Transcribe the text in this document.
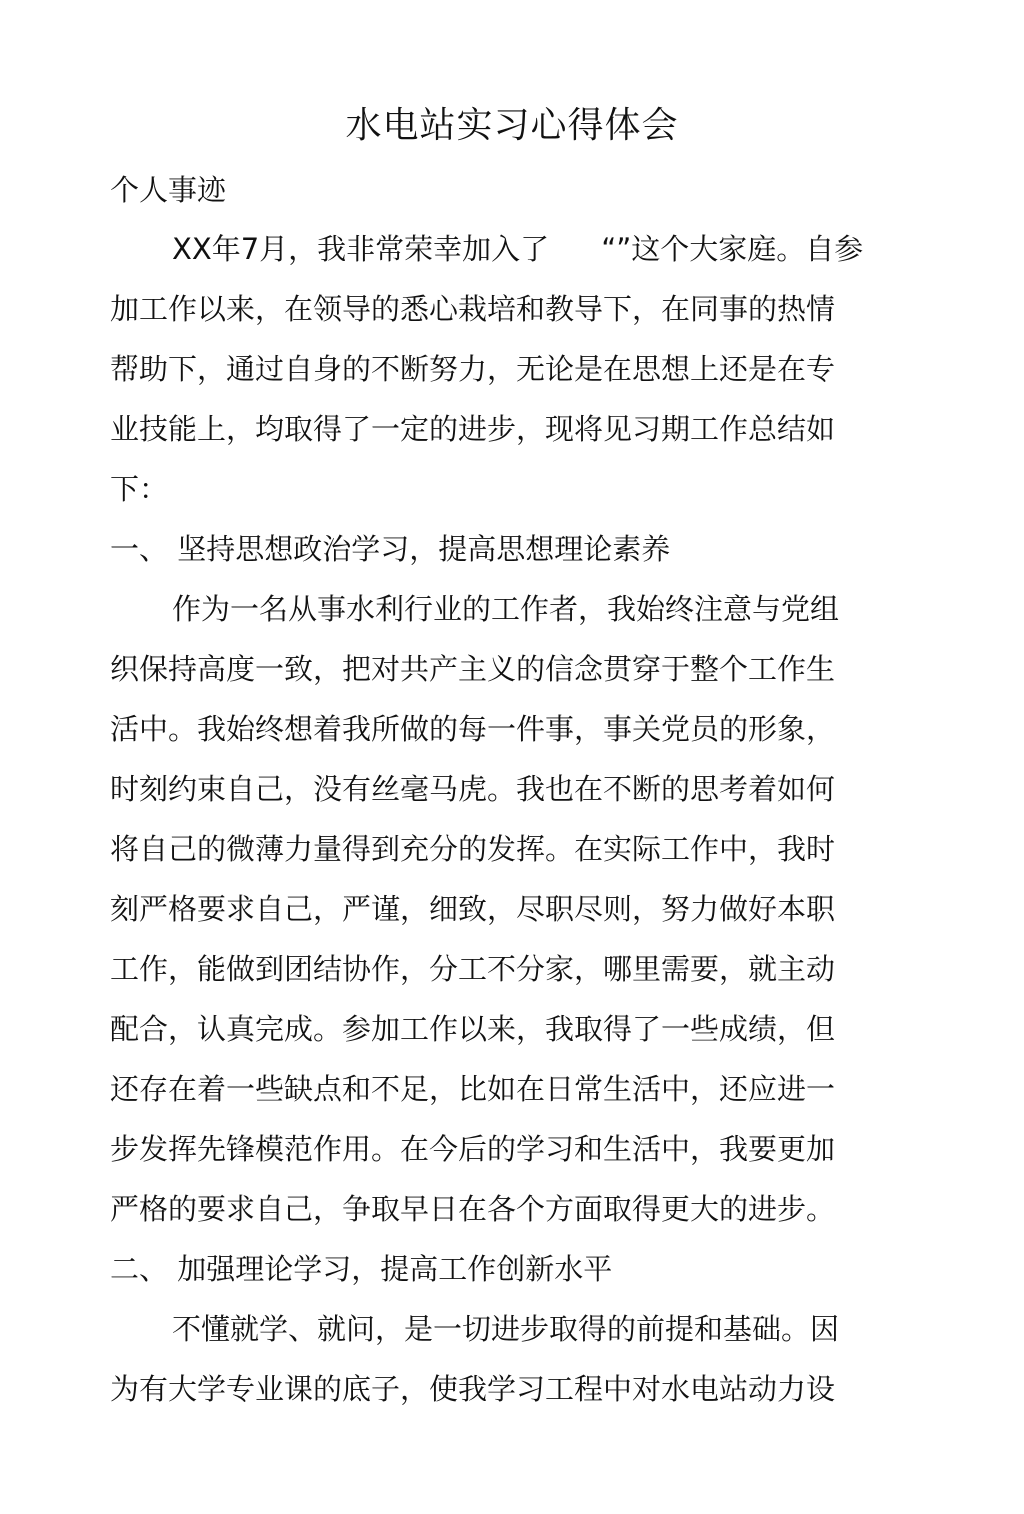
水电站实习心得体会

个人事迹

XX年7月，我非常荣幸加入了 “”这个大家庭。自参

加工作以来，在领导的悉心栽培和教导下，在同事的热情

帮助下，通过自身的不断努力，无论是在思想上还是在专

业技能上，均取得了一定的进步，现将见习期工作总结如

下：

一、 坚持思想政治学习，提高思想理论素养

作为一名从事水利行业的工作者，我始终注意与党组

织保持高度一致，把对共产主义的信念贯穿于整个工作生

活中。我始终想着我所做的每一件事，事关党员的形象，

时刻约束自己，没有丝毫马虎。我也在不断的思考着如何

将自己的微薄力量得到充分的发挥。在实际工作中，我时

刻严格要求自己，严谨，细致，尽职尽则，努力做好本职

工作，能做到团结协作，分工不分家，哪里需要，就主动

配合，认真完成。参加工作以来，我取得了一些成绩，但

还存在着一些缺点和不足，比如在日常生活中，还应进一

步发挥先锋模范作用。在今后的学习和生活中，我要更加

严格的要求自己，争取早日在各个方面取得更大的进步。

二、 加强理论学习，提高工作创新水平

不懂就学、就问，是一切进步取得的前提和基础。因

为有大学专业课的底子，使我学习工程中对水电站动力设
